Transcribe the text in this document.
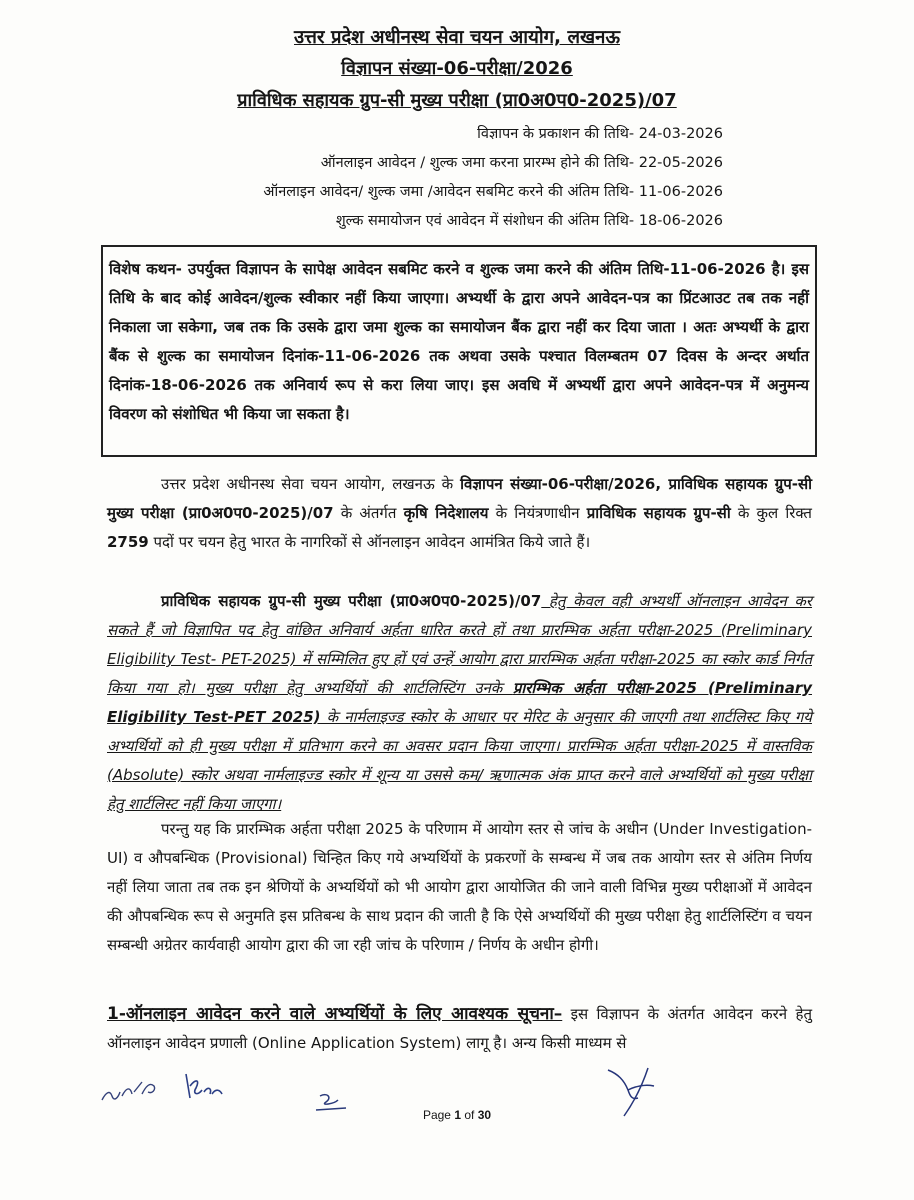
उत्तर प्रदेश अधीनस्थ सेवा चयन आयोग, लखनऊ
विज्ञापन संख्या-06-परीक्षा/2026
प्राविधिक सहायक ग्रुप-सी मुख्य परीक्षा (प्रा0अ0प0-2025)/07
विज्ञापन के प्रकाशन की तिथि- 24-03-2026
ऑनलाइन आवेदन / शुल्क जमा करना प्रारम्भ होने की तिथि- 22-05-2026
ऑनलाइन आवेदन/ शुल्क जमा /आवेदन सबमिट करने की अंतिम तिथि- 11-06-2026
शुल्क समायोजन एवं आवेदन में संशोधन की अंतिम तिथि- 18-06-2026

विशेष कथन- उपर्युक्त विज्ञापन के सापेक्ष आवेदन सबमिट करने व शुल्क जमा करने की अंतिम तिथि-11-06-2026 है। इस तिथि के बाद कोई आवेदन/शुल्क स्वीकार नहीं किया जाएगा। अभ्यर्थी के द्वारा अपने आवेदन-पत्र का प्रिंटआउट तब तक नहीं निकाला जा सकेगा, जब तक कि उसके द्वारा जमा शुल्क का समायोजन बैंक द्वारा नहीं कर दिया जाता । अतः अभ्यर्थी के द्वारा बैंक से शुल्क का समायोजन दिनांक-11-06-2026 तक अथवा उसके पश्चात विलम्बतम 07 दिवस के अन्दर अर्थात दिनांक-18-06-2026 तक अनिवार्य रूप से करा लिया जाए। इस अवधि में अभ्यर्थी द्वारा अपने आवेदन-पत्र में अनुमन्य विवरण को संशोधित भी किया जा सकता है।

उत्तर प्रदेश अधीनस्थ सेवा चयन आयोग, लखनऊ के विज्ञापन संख्या-06-परीक्षा/2026, प्राविधिक सहायक ग्रुप-सी मुख्य परीक्षा (प्रा0अ0प0-2025)/07 के अंतर्गत कृषि निदेशालय के नियंत्रणाधीन प्राविधिक सहायक ग्रुप-सी के कुल रिक्त 2759 पदों पर चयन हेतु भारत के नागरिकों से ऑनलाइन आवेदन आमंत्रित किये जाते हैं।

प्राविधिक सहायक ग्रुप-सी मुख्य परीक्षा (प्रा0अ0प0-2025)/07 हेतु केवल वही अभ्यर्थी ऑनलाइन आवेदन कर सकते हैं जो विज्ञापित पद हेतु वांछित अनिवार्य अर्हता धारित करते हों तथा प्रारम्भिक अर्हता परीक्षा-2025 (Preliminary Eligibility Test- PET-2025) में सम्मिलित हुए हों एवं उन्हें आयोग द्वारा प्रारम्भिक अर्हता परीक्षा-2025 का स्कोर कार्ड निर्गत किया गया हो। मुख्य परीक्षा हेतु अभ्यर्थियों की शार्टलिस्टिंग उनके प्रारम्भिक अर्हता परीक्षा-2025 (Preliminary Eligibility Test-PET 2025) के नार्मलाइज्ड स्कोर के आधार पर मेरिट के अनुसार की जाएगी तथा शार्टलिस्ट किए गये अभ्यर्थियों को ही मुख्य परीक्षा में प्रतिभाग करने का अवसर प्रदान किया जाएगा। प्रारम्भिक अर्हता परीक्षा-2025 में वास्तविक (Absolute) स्कोर अथवा नार्मलाइज्ड स्कोर में शून्य या उससे कम/ ऋणात्मक अंक प्राप्त करने वाले अभ्यर्थियों को मुख्य परीक्षा हेतु शार्टलिस्ट नहीं किया जाएगा।

परन्तु यह कि प्रारम्भिक अर्हता परीक्षा 2025 के परिणाम में आयोग स्तर से जांच के अधीन (Under Investigation-UI) व औपबन्धिक (Provisional) चिन्हित किए गये अभ्यर्थियों के प्रकरणों के सम्बन्ध में जब तक आयोग स्तर से अंतिम निर्णय नहीं लिया जाता तब तक इन श्रेणियों के अभ्यर्थियों को भी आयोग द्वारा आयोजित की जाने वाली विभिन्न मुख्य परीक्षाओं में आवेदन की औपबन्धिक रूप से अनुमति इस प्रतिबन्ध के साथ प्रदान की जाती है कि ऐसे अभ्यर्थियों की मुख्य परीक्षा हेतु शार्टलिस्टिंग व चयन सम्बन्धी अग्रेतर कार्यवाही आयोग द्वारा की जा रही जांच के परिणाम / निर्णय के अधीन होगी।

1-ऑनलाइन आवेदन करने वाले अभ्यर्थियों के लिए आवश्यक सूचना– इस विज्ञापन के अंतर्गत आवेदन करने हेतु ऑनलाइन आवेदन प्रणाली (Online Application System) लागू है। अन्य किसी माध्यम से

Page 1 of 30
